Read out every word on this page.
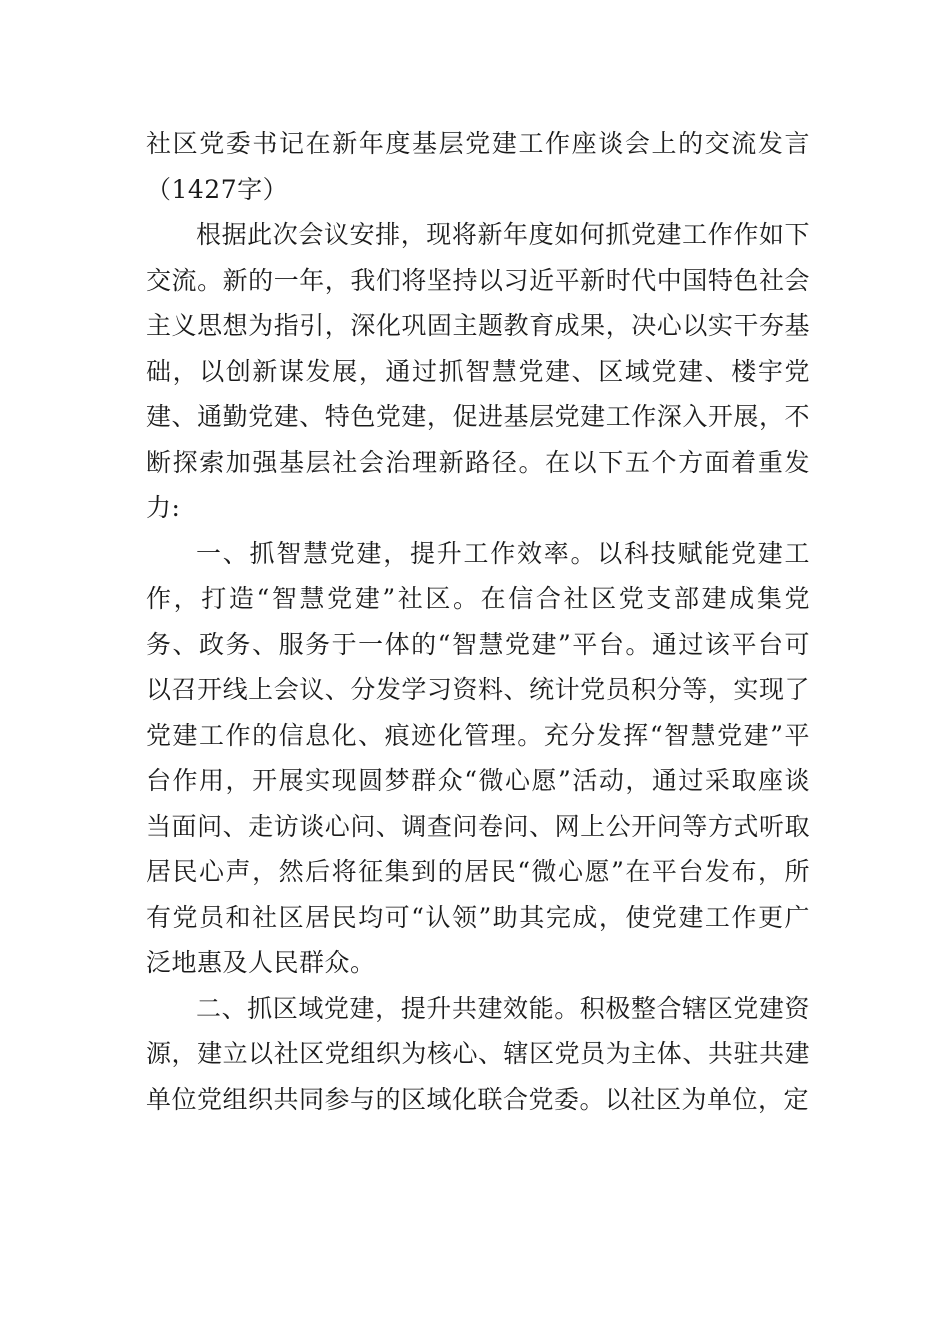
社区党委书记在新年度基层党建工作座谈会上的交流发言（1427字）

根据此次会议安排，现将新年度如何抓党建工作作如下交流。新的一年，我们将坚持以习近平新时代中国特色社会主义思想为指引，深化巩固主题教育成果，决心以实干夯基础，以创新谋发展，通过抓智慧党建、区域党建、楼宇党建、通勤党建、特色党建，促进基层党建工作深入开展，不断探索加强基层社会治理新路径。在以下五个方面着重发力:

一、抓智慧党建，提升工作效率。以科技赋能党建工作，打造“智慧党建”社区。在信合社区党支部建成集党务、政务、服务于一体的“智慧党建”平台。通过该平台可以召开线上会议、分发学习资料、统计党员积分等，实现了党建工作的信息化、痕迹化管理。充分发挥“智慧党建”平台作用，开展实现圆梦群众“微心愿”活动，通过采取座谈当面问、走访谈心问、调查问卷问、网上公开问等方式听取居民心声，然后将征集到的居民“微心愿”在平台发布，所有党员和社区居民均可“认领”助其完成，使党建工作更广泛地惠及人民群众。

二、抓区域党建，提升共建效能。积极整合辖区党建资源，建立以社区党组织为核心、辖区党员为主体、共驻共建单位党组织共同参与的区域化联合党委。以社区为单位，定
